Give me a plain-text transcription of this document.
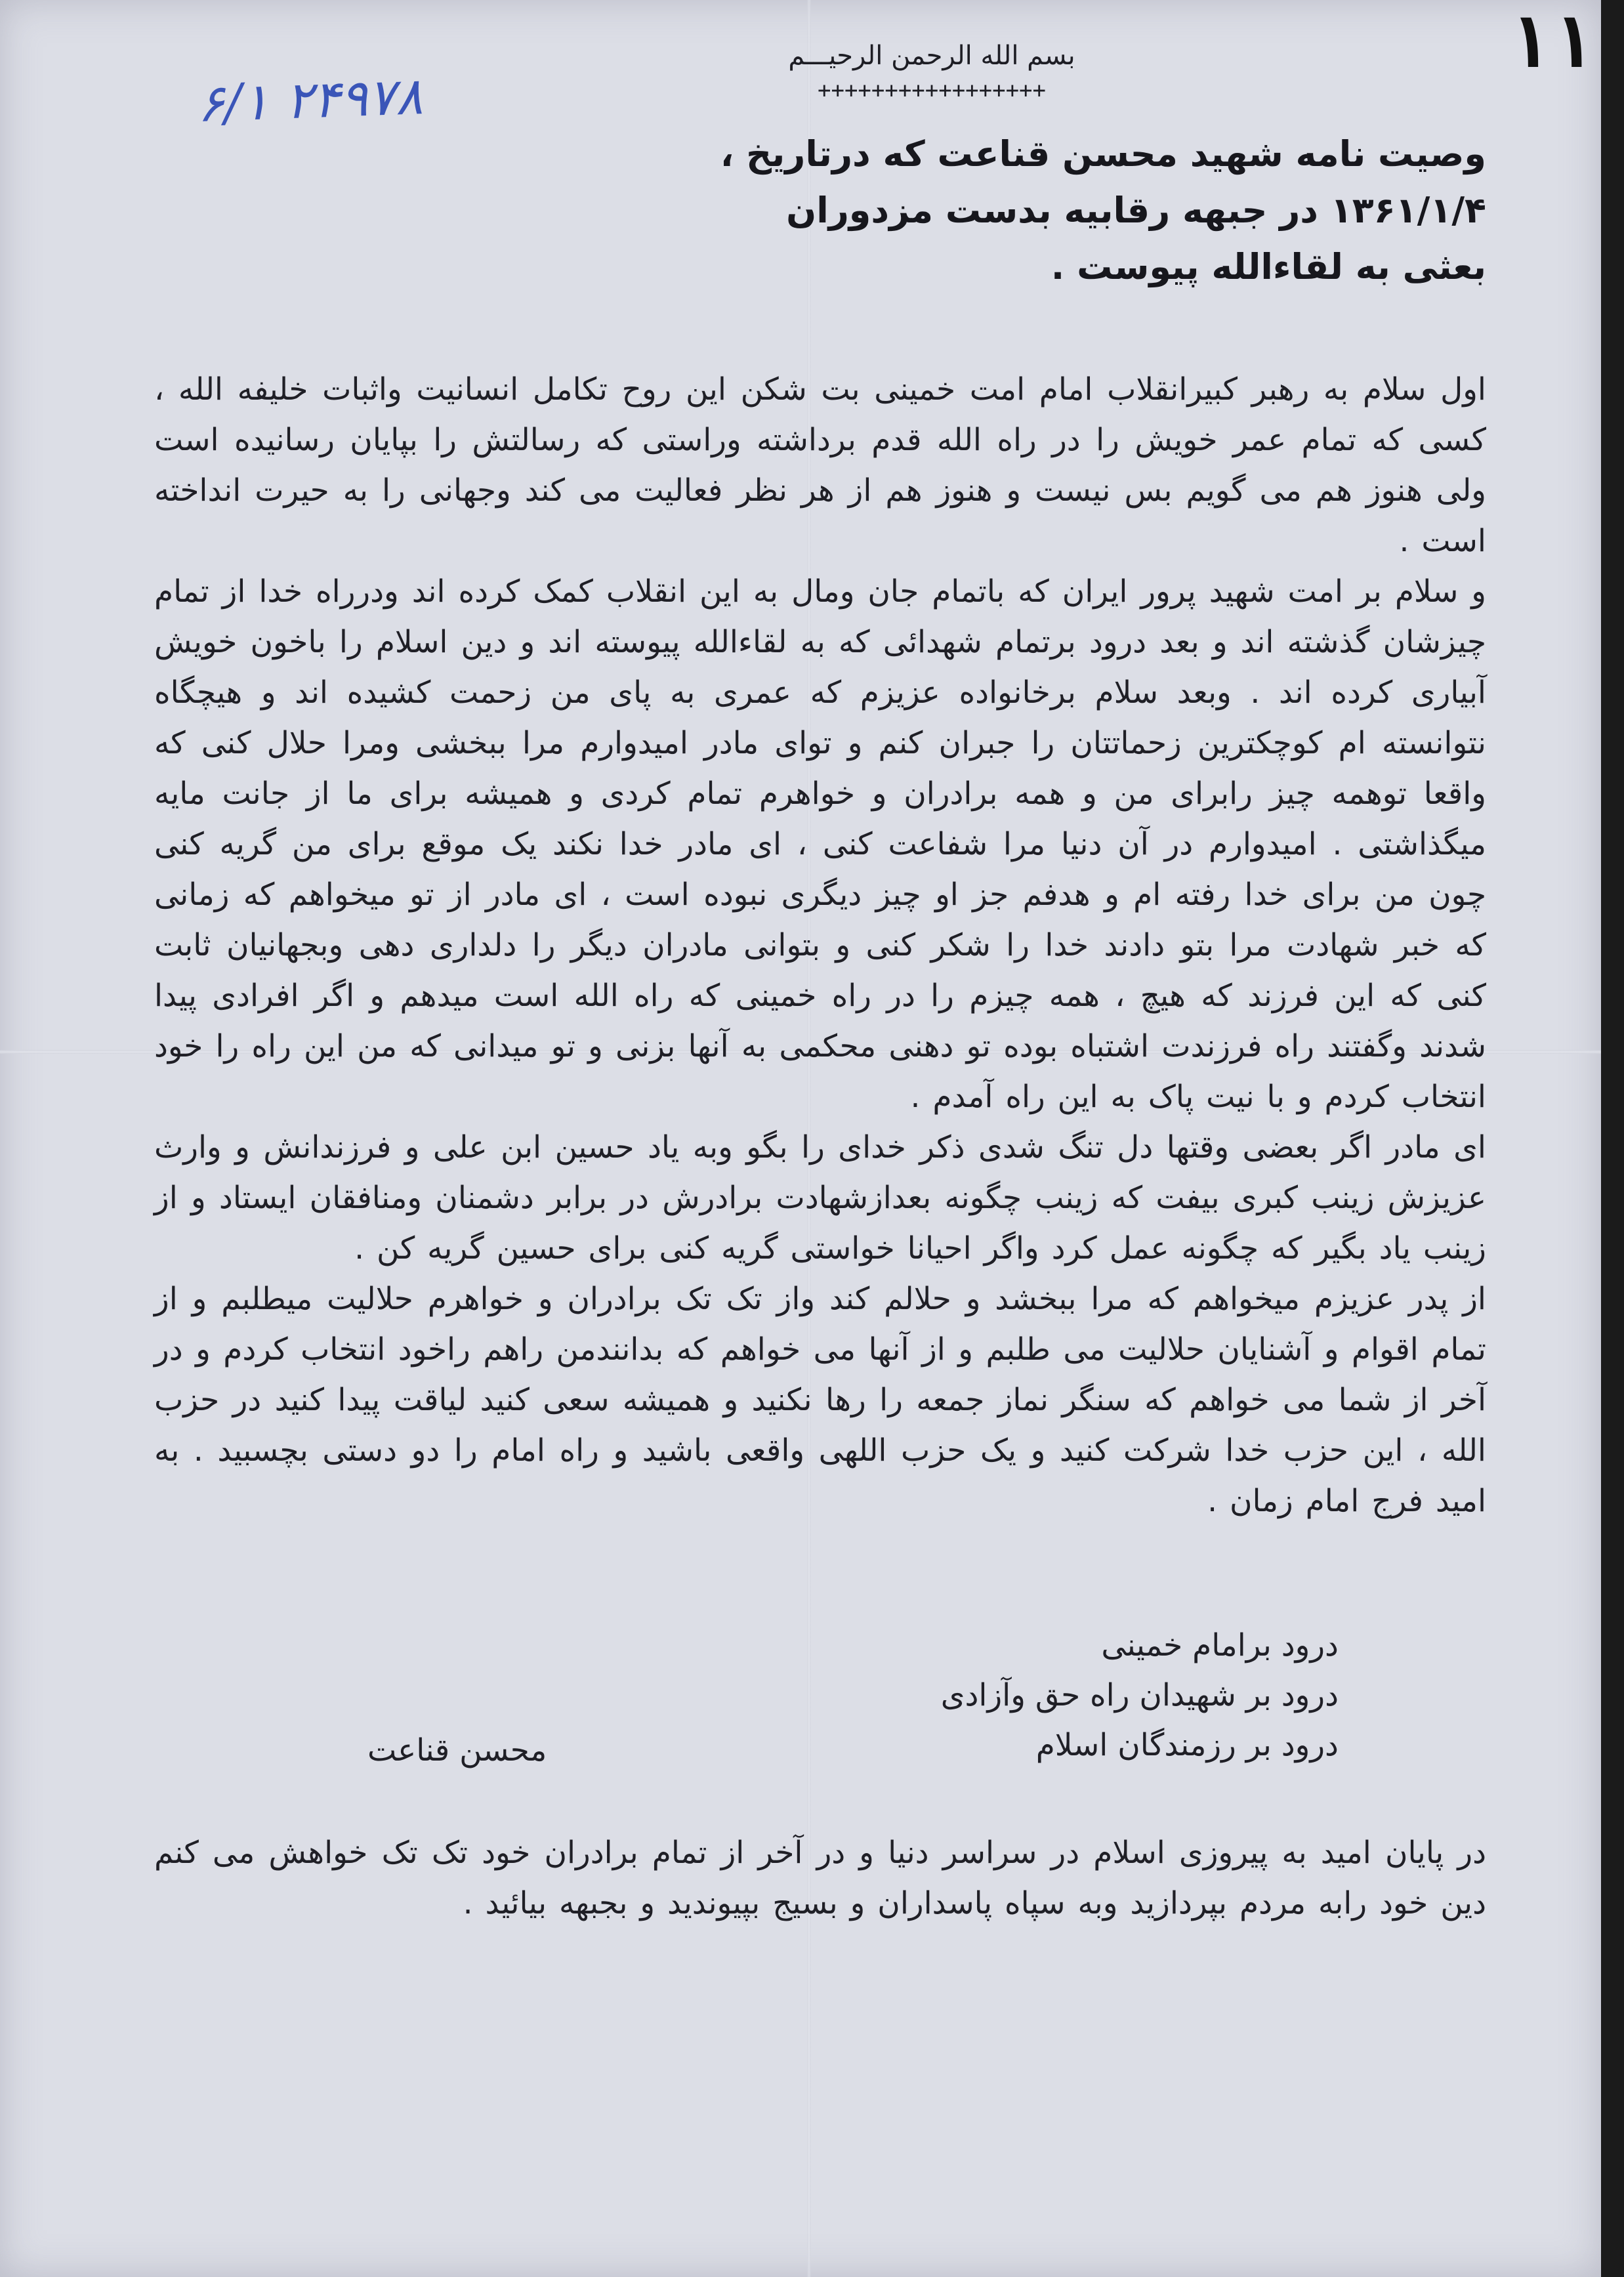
۱۱
۶/۱ ۲۴۹۷۸
بسم الله الرحمن الرحیـــم
+++++++++++++++++
وصیت نامه شهید محسن قناعت که درتاریخ ،
۱۳۶۱/۱/۴ در جبهه رقابیه بدست مزدوران
بعثی به لقاءالله پیوست .

اول سلام به رهبر کبیرانقلاب امام امت خمینی بت شکن این روح تکامل انسانیت واثبات خلیفه الله ، کسی که تمام عمر خویش را در راه الله قدم برداشته وراستی که رسالتش را بپایان رسانیده است ولی هنوز هم می گویم بس نیست و هنوز هم از هر نظر فعالیت می کند وجهانی را به حیرت انداخته است .

و سلام بر امت شهید پرور ایران که باتمام جان ومال به این انقلاب کمک کرده اند ودرراه خدا از تمام چیزشان گذشته اند و بعد درود برتمام شهدائی که به لقاءالله پیوسته اند و دین اسلام را باخون خویش آبیاری کرده اند . وبعد سلام برخانواده عزیزم که عمری به پای من زحمت کشیده اند و هیچگاه نتوانسته ام کوچکترین زحماتتان را جبران کنم و توای مادر امیدوارم مرا ببخشی ومرا حلال کنی که واقعا توهمه چیز رابرای من و همه برادران و خواهرم تمام کردی و همیشه برای ما از جانت مایه میگذاشتی . امیدوارم در آن دنیا مرا شفاعت کنی ، ای مادر خدا نکند یک موقع برای من گریه کنی چون من برای خدا رفته ام و هدفم جز او چیز دیگری نبوده است ، ای مادر از تو میخواهم که زمانی که خبر شهادت مرا بتو دادند خدا را شکر کنی و بتوانی مادران دیگر را دلداری دهی وبجهانیان ثابت کنی که این فرزند که هیچ ، همه چیزم را در راه خمینی که راه الله است میدهم و اگر افرادی پیدا شدند وگفتند راه فرزندت اشتباه بوده تو دهنی محکمی به آنها بزنی و تو میدانی که من این راه را خود انتخاب کردم و با نیت پاک به این راه آمدم .

ای مادر اگر بعضی وقتها دل تنگ شدی ذکر خدای را بگو وبه یاد حسین ابن علی و فرزندانش و وارث عزیزش زینب کبری بیفت که زینب چگونه بعدازشهادت برادرش در برابر دشمنان ومنافقان ایستاد و از زینب یاد بگیر که چگونه عمل کرد واگر احیانا خواستی گریه کنی برای حسین گریه کن .

از پدر عزیزم میخواهم که مرا ببخشد و حلالم کند واز تک تک برادران و خواهرم حلالیت میطلبم و از تمام اقوام و آشنایان حلالیت می طلبم و از آنها می خواهم که بدانندمن راهم راخود انتخاب کردم و در آخر از شما می خواهم که سنگر نماز جمعه را رها نکنید و همیشه سعی کنید لیاقت پیدا کنید در حزب الله ، این حزب خدا شرکت کنید و یک حزب اللهی واقعی باشید و راه امام را دو دستی بچسبید . به امید فرج امام زمان .

درود برامام خمینی
درود بر شهیدان راه حق وآزادی
درود بر رزمندگان اسلام
محسن قناعت
در پایان امید به پیروزی اسلام در سراسر دنیا و در آخر از تمام برادران خود تک تک خواهش می کنم دین خود رابه مردم بپردازید وبه سپاه پاسداران و بسیج بپیوندید و بجبهه بیائید .
